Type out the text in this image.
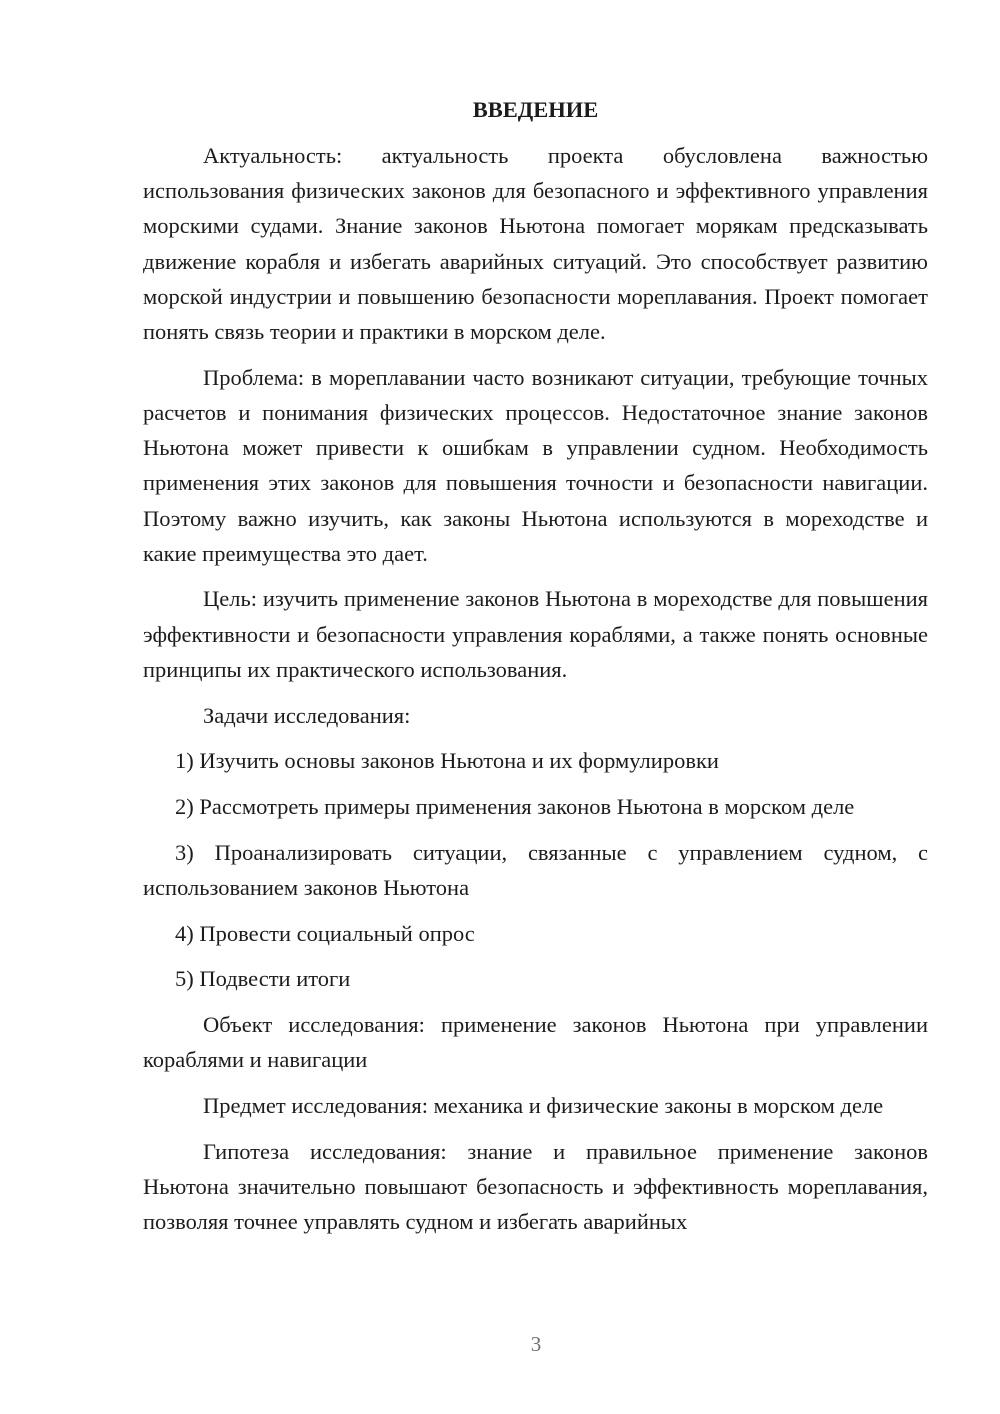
ВВЕДЕНИЕ

Актуальность: актуальность проекта обусловлена важностью использования физических законов для безопасного и эффективного управления морскими судами. Знание законов Ньютона помогает морякам предсказывать движение корабля и избегать аварийных ситуаций. Это способствует развитию морской индустрии и повышению безопасности мореплавания. Проект помогает понять связь теории и практики в морском деле.

Проблема: в мореплавании часто возникают ситуации, требующие точных расчетов и понимания физических процессов. Недостаточное знание законов Ньютона может привести к ошибкам в управлении судном. Необходимость применения этих законов для повышения точности и безопасности навигации. Поэтому важно изучить, как законы Ньютона используются в мореходстве и какие преимущества это дает.

Цель: изучить применение законов Ньютона в мореходстве для повышения эффективности и безопасности управления кораблями, а также понять основные принципы их практического использования.

Задачи исследования:

1) Изучить основы законов Ньютона и их формулировки

2) Рассмотреть примеры применения законов Ньютона в морском деле

3) Проанализировать ситуации, связанные с управлением судном, с использованием законов Ньютона

4) Провести социальный опрос

5) Подвести итоги

Объект исследования: применение законов Ньютона при управлении кораблями и навигации

Предмет исследования: механика и физические законы в морском деле

Гипотеза исследования: знание и правильное применение законов Ньютона значительно повышают безопасность и эффективность мореплавания, позволяя точнее управлять судном и избегать аварийных

3
